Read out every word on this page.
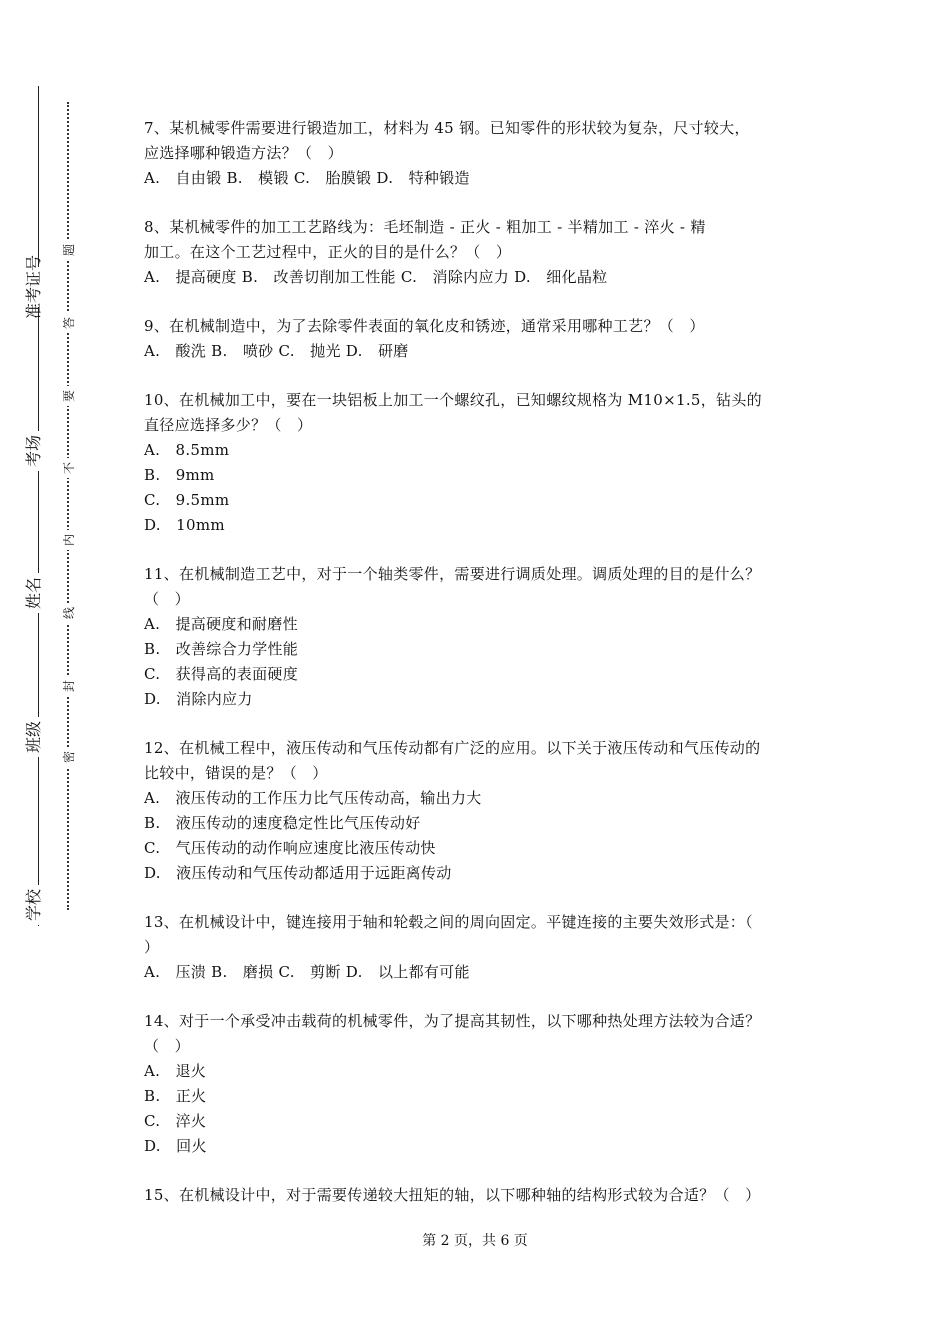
准考证号
考场
姓名
班级
学校
题
答
要
不
内
线
封
密
7、某机械零件需要进行锻造加工，材料为 45 钢。已知零件的形状较为复杂，尺寸较大，
应选择哪种锻造方法？（　）
A.　自由锻 B.　模锻 C.　胎膜锻 D.　特种锻造
8、某机械零件的加工工艺路线为：毛坯制造 - 正火 - 粗加工 - 半精加工 - 淬火 - 精
加工。在这个工艺过程中，正火的目的是什么？（　）
A.　提高硬度 B.　改善切削加工性能 C.　消除内应力 D.　细化晶粒
9、在机械制造中，为了去除零件表面的氧化皮和锈迹，通常采用哪种工艺？（　）
A.　酸洗 B.　喷砂 C.　抛光 D.　研磨
10、在机械加工中，要在一块铝板上加工一个螺纹孔，已知螺纹规格为 M10×1.5，钻头的
直径应选择多少？（　）
A.　8.5mm
B.　9mm
C.　9.5mm
D.　10mm
11、在机械制造工艺中，对于一个轴类零件，需要进行调质处理。调质处理的目的是什么？
（　）
A.　提高硬度和耐磨性
B.　改善综合力学性能
C.　获得高的表面硬度
D.　消除内应力
12、在机械工程中，液压传动和气压传动都有广泛的应用。以下关于液压传动和气压传动的
比较中，错误的是？（　）
A.　液压传动的工作压力比气压传动高，输出力大
B.　液压传动的速度稳定性比气压传动好
C.　气压传动的动作响应速度比液压传动快
D.　液压传动和气压传动都适用于远距离传动
13、在机械设计中，键连接用于轴和轮毂之间的周向固定。平键连接的主要失效形式是：（
）
A.　压溃 B.　磨损 C.　剪断 D.　以上都有可能
14、对于一个承受冲击载荷的机械零件，为了提高其韧性，以下哪种热处理方法较为合适？
（　）
A.　退火
B.　正火
C.　淬火
D.　回火
15、在机械设计中，对于需要传递较大扭矩的轴，以下哪种轴的结构形式较为合适？（　）
第 2 页，共 6 页
